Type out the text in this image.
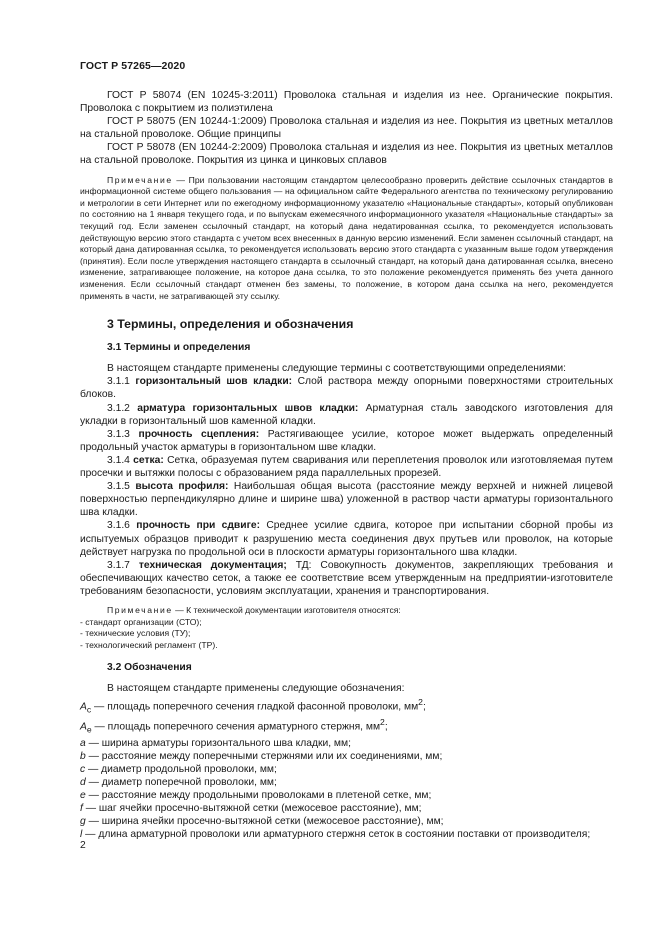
ГОСТ Р 57265—2020
ГОСТ Р 58074 (EN 10245-3:2011) Проволока стальная и изделия из нее. Органические покрытия. Проволока с покрытием из полиэтилена
ГОСТ Р 58075 (EN 10244-1:2009) Проволока стальная и изделия из нее. Покрытия из цветных металлов на стальной проволоке. Общие принципы
ГОСТ Р 58078 (EN 10244-2:2009) Проволока стальная и изделия из нее. Покрытия из цветных металлов на стальной проволоке. Покрытия из цинка и цинковых сплавов
Примечание — При пользовании настоящим стандартом целесообразно проверить действие ссылочных стандартов в информационной системе общего пользования — на официальном сайте Федерального агентства по техническому регулированию и метрологии в сети Интернет или по ежегодному информационному указателю «Национальные стандарты», который опубликован по состоянию на 1 января текущего года, и по выпускам ежемесячного информационного указателя «Национальные стандарты» за текущий год. Если заменен ссылочный стандарт, на который дана недатированная ссылка, то рекомендуется использовать действующую версию этого стандарта с учетом всех внесенных в данную версию изменений. Если заменен ссылочный стандарт, на который дана датированная ссылка, то рекомендуется использовать версию этого стандарта с указанным выше годом утверждения (принятия). Если после утверждения настоящего стандарта в ссылочный стандарт, на который дана датированная ссылка, внесено изменение, затрагивающее положение, на которое дана ссылка, то это положение рекомендуется применять без учета данного изменения. Если ссылочный стандарт отменен без замены, то положение, в котором дана ссылка на него, рекомендуется применять в части, не затрагивающей эту ссылку.
3 Термины, определения и обозначения
3.1 Термины и определения
В настоящем стандарте применены следующие термины с соответствующими определениями:
3.1.1 горизонтальный шов кладки: Слой раствора между опорными поверхностями строительных блоков.
3.1.2 арматура горизонтальных швов кладки: Арматурная сталь заводского изготовления для укладки в горизонтальный шов каменной кладки.
3.1.3 прочность сцепления: Растягивающее усилие, которое может выдержать определенный продольный участок арматуры в горизонтальном шве кладки.
3.1.4 сетка: Сетка, образуемая путем сваривания или переплетения проволок или изготовляемая путем просечки и вытяжки полосы с образованием ряда параллельных прорезей.
3.1.5 высота профиля: Наибольшая общая высота (расстояние между верхней и нижней лицевой поверхностью перпендикулярно длине и ширине шва) уложенной в раствор части арматуры горизонтального шва кладки.
3.1.6 прочность при сдвиге: Среднее усилие сдвига, которое при испытании сборной пробы из испытуемых образцов приводит к разрушению места соединения двух прутьев или проволок, на которые действует нагрузка по продольной оси в плоскости арматуры горизонтального шва кладки.
3.1.7 техническая документация; ТД: Совокупность документов, закрепляющих требования и обеспечивающих качество сеток, а также ее соответствие всем утвержденным на предприятии-изготовителе требованиям безопасности, условиям эксплуатации, хранения и транспортирования.
Примечание — К технической документации изготовителя относятся:
- стандарт организации (СТО);
- технические условия (ТУ);
- технологический регламент (ТР).
3.2 Обозначения
В настоящем стандарте применены следующие обозначения:
$A_c$ — площадь поперечного сечения гладкой фасонной проволоки, $мм^2$;
$A_e$ — площадь поперечного сечения арматурного стержня, $мм^2$;
a — ширина арматуры горизонтального шва кладки, мм;
b — расстояние между поперечными стержнями или их соединениями, мм;
c — диаметр продольной проволоки, мм;
d — диаметр поперечной проволоки, мм;
e — расстояние между продольными проволоками в плетеной сетке, мм;
f — шаг ячейки просечно-вытяжной сетки (межосевое расстояние), мм;
g — ширина ячейки просечно-вытяжной сетки (межосевое расстояние), мм;
l — длина арматурной проволоки или арматурного стержня сеток в состоянии поставки от производителя;
2
